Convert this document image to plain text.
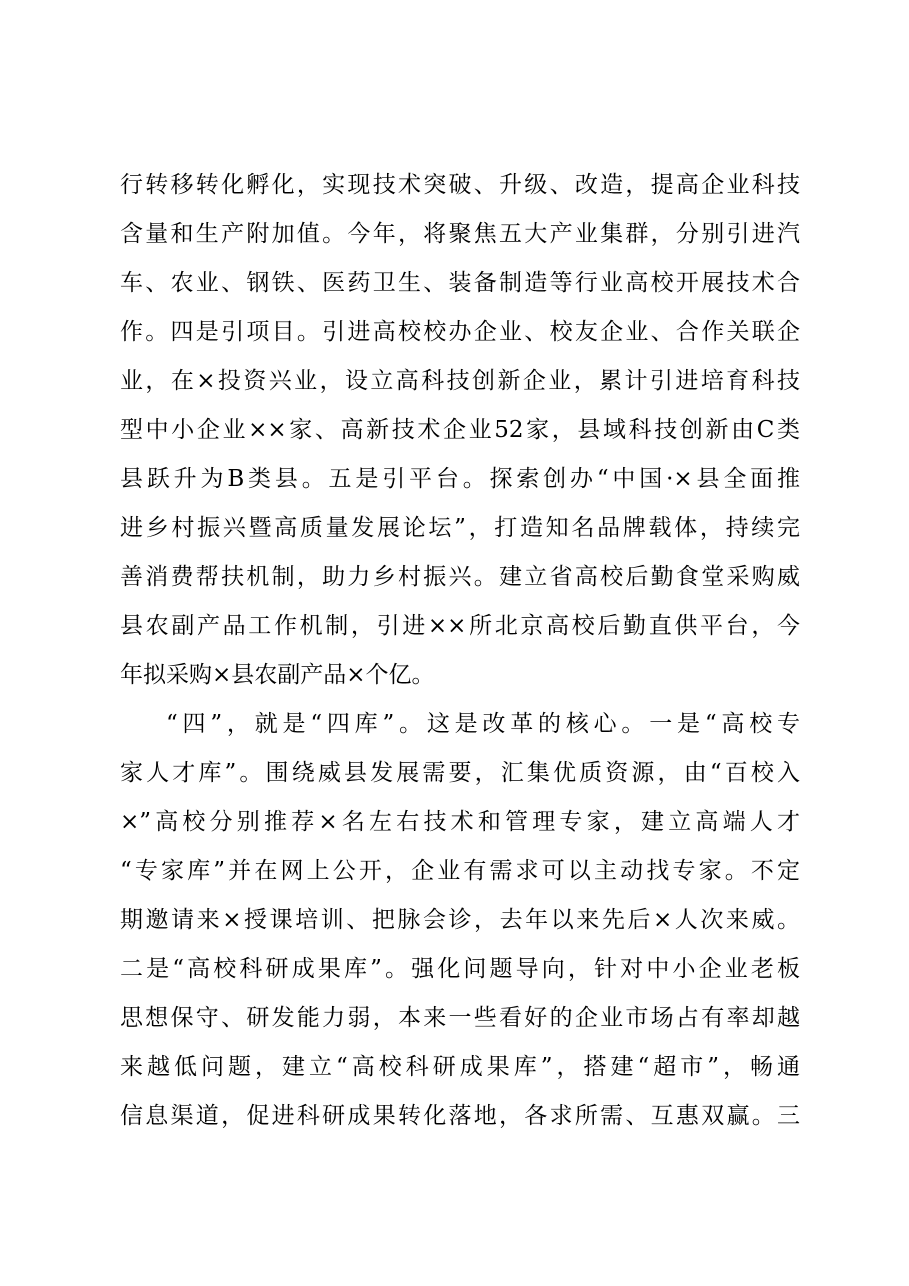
行转移转化孵化，实现技术突破、升级、改造，提高企业科技
含量和生产附加值。今年，将聚焦五大产业集群，分别引进汽
车、农业、钢铁、医药卫生、装备制造等行业高校开展技术合
作。四是引项目。引进高校校办企业、校友企业、合作关联企
业，在×投资兴业，设立高科技创新企业，累计引进培育科技
型中小企业××家、高新技术企业52家，县域科技创新由C类
县跃升为B类县。五是引平台。探索创办“中国·×县全面推
进乡村振兴暨高质量发展论坛”，打造知名品牌载体，持续完
善消费帮扶机制，助力乡村振兴。建立省高校后勤食堂采购威
县农副产品工作机制，引进××所北京高校后勤直供平台，今
年拟采购×县农副产品×个亿。
“四”，就是“四库”。这是改革的核心。一是“高校专
家人才库”。围绕威县发展需要，汇集优质资源，由“百校入
×”高校分别推荐×名左右技术和管理专家，建立高端人才
“专家库”并在网上公开，企业有需求可以主动找专家。不定
期邀请来×授课培训、把脉会诊，去年以来先后×人次来威。
二是“高校科研成果库”。强化问题导向，针对中小企业老板
思想保守、研发能力弱，本来一些看好的企业市场占有率却越
来越低问题，建立“高校科研成果库”，搭建“超市”，畅通
信息渠道，促进科研成果转化落地，各求所需、互惠双赢。三
